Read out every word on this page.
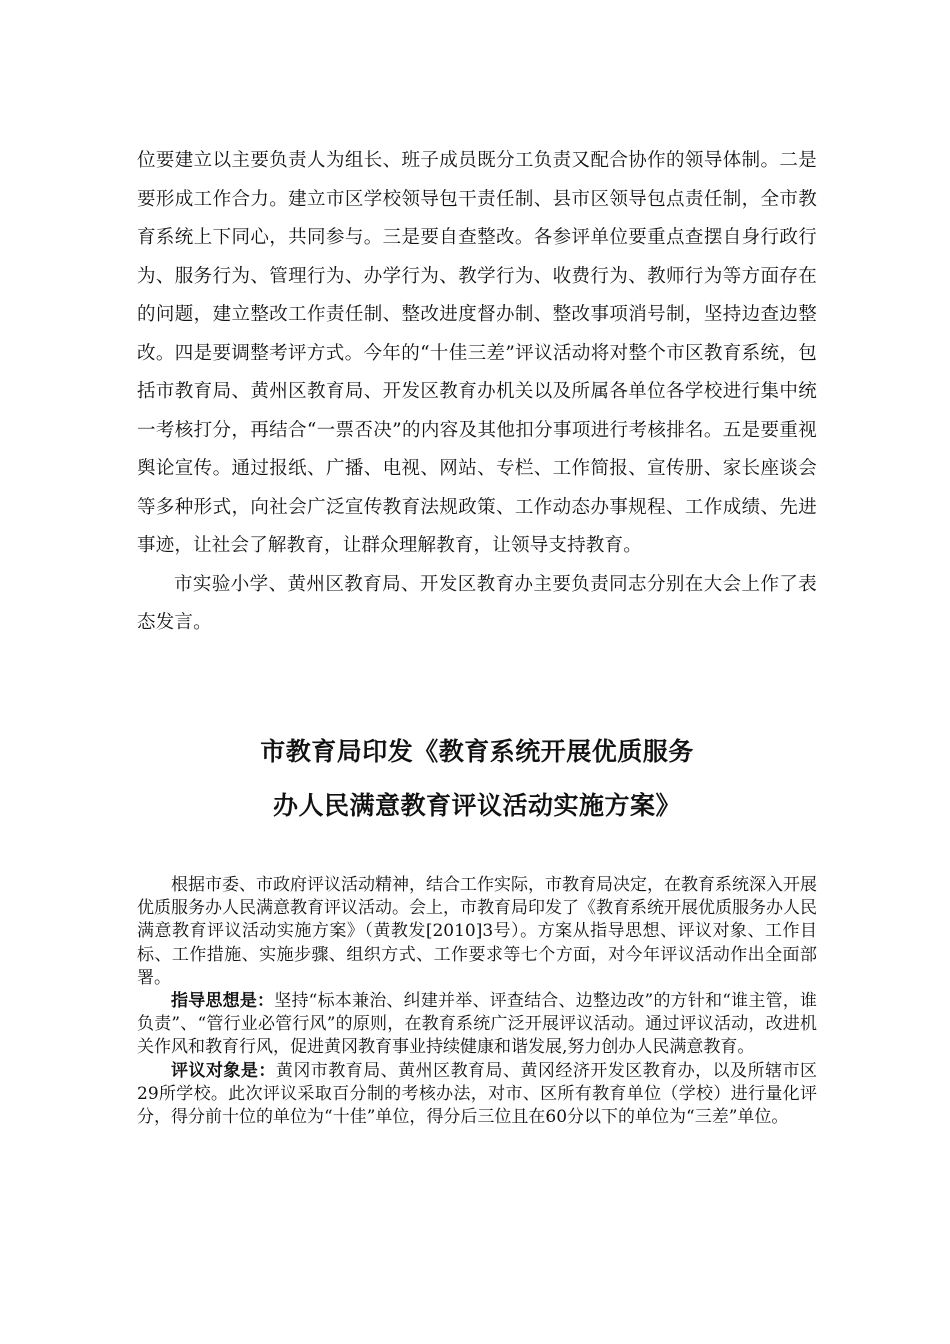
位要建立以主要负责人为组长、班子成员既分工负责又配合协作的领导体制。二是要形成工作合力。建立市区学校领导包干责任制、县市区领导包点责任制，全市教育系统上下同心，共同参与。三是要自查整改。各参评单位要重点查摆自身行政行为、服务行为、管理行为、办学行为、教学行为、收费行为、教师行为等方面存在的问题，建立整改工作责任制、整改进度督办制、整改事项消号制，坚持边查边整改。四是要调整考评方式。今年的“十佳三差”评议活动将对整个市区教育系统，包括市教育局、黄州区教育局、开发区教育办机关以及所属各单位各学校进行集中统一考核打分，再结合“一票否决”的内容及其他扣分事项进行考核排名。五是要重视舆论宣传。通过报纸、广播、电视、网站、专栏、工作简报、宣传册、家长座谈会等多种形式，向社会广泛宣传教育法规政策、工作动态办事规程、工作成绩、先进事迹，让社会了解教育，让群众理解教育，让领导支持教育。

市实验小学、黄州区教育局、开发区教育办主要负责同志分别在大会上作了表态发言。

市教育局印发《教育系统开展优质服务
办人民满意教育评议活动实施方案》

根据市委、市政府评议活动精神，结合工作实际，市教育局决定，在教育系统深入开展优质服务办人民满意教育评议活动。会上，市教育局印发了《教育系统开展优质服务办人民满意教育评议活动实施方案》（黄教发[2010]3号）。方案从指导思想、评议对象、工作目标、工作措施、实施步骤、组织方式、工作要求等七个方面，对今年评议活动作出全面部署。

指导思想是：坚持“标本兼治、纠建并举、评查结合、边整边改”的方针和“谁主管，谁负责”、“管行业必管行风”的原则，在教育系统广泛开展评议活动。通过评议活动，改进机关作风和教育行风，促进黄冈教育事业持续健康和谐发展,努力创办人民满意教育。

评议对象是：黄冈市教育局、黄州区教育局、黄冈经济开发区教育办，以及所辖市区29所学校。此次评议采取百分制的考核办法，对市、区所有教育单位（学校）进行量化评分，得分前十位的单位为“十佳”单位，得分后三位且在60分以下的单位为“三差”单位。
